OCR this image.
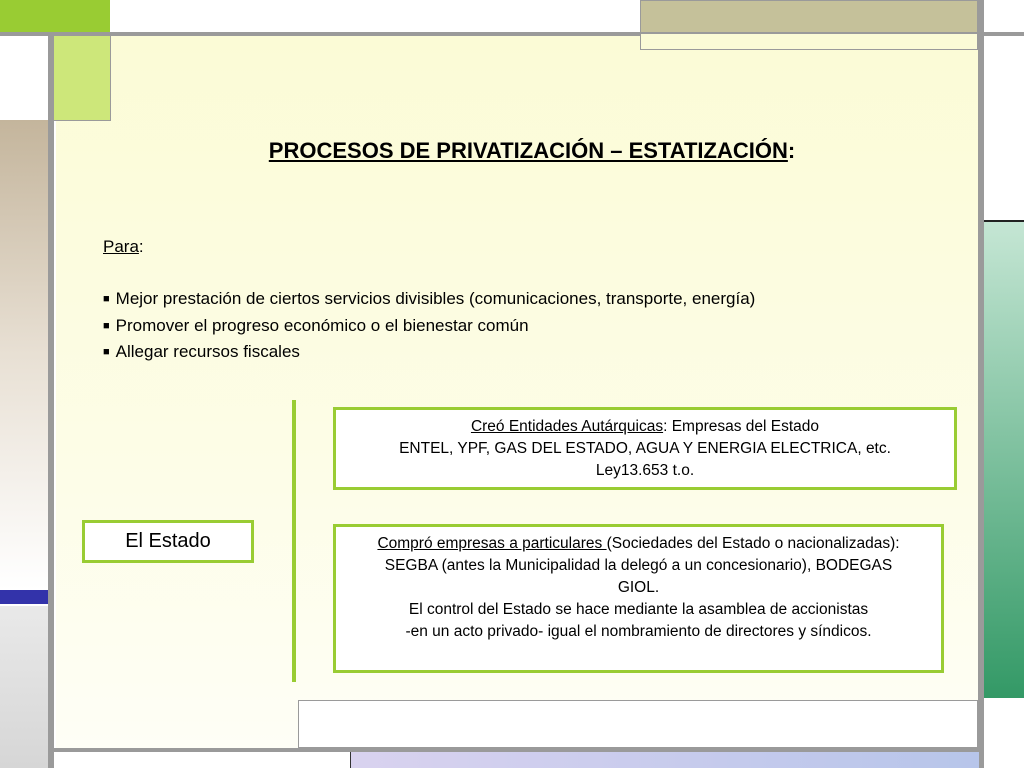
PROCESOS DE PRIVATIZACIÓN – ESTATIZACIÓN:
Para:
■ Mejor prestación de ciertos servicios divisibles (comunicaciones, transporte, energía)
■ Promover el progreso económico o el bienestar común
■ Allegar recursos fiscales
El Estado
Creó Entidades Autárquicas: Empresas del Estado
ENTEL, YPF, GAS DEL ESTADO, AGUA Y ENERGIA ELECTRICA, etc.
Ley13.653 t.o.
Compró empresas a particulares (Sociedades del Estado o nacionalizadas):
SEGBA (antes la Municipalidad la delegó a un concesionario), BODEGAS GIOL.
El control del Estado se hace mediante la asamblea de accionistas
-en un acto privado- igual el nombramiento de directores y síndicos.
